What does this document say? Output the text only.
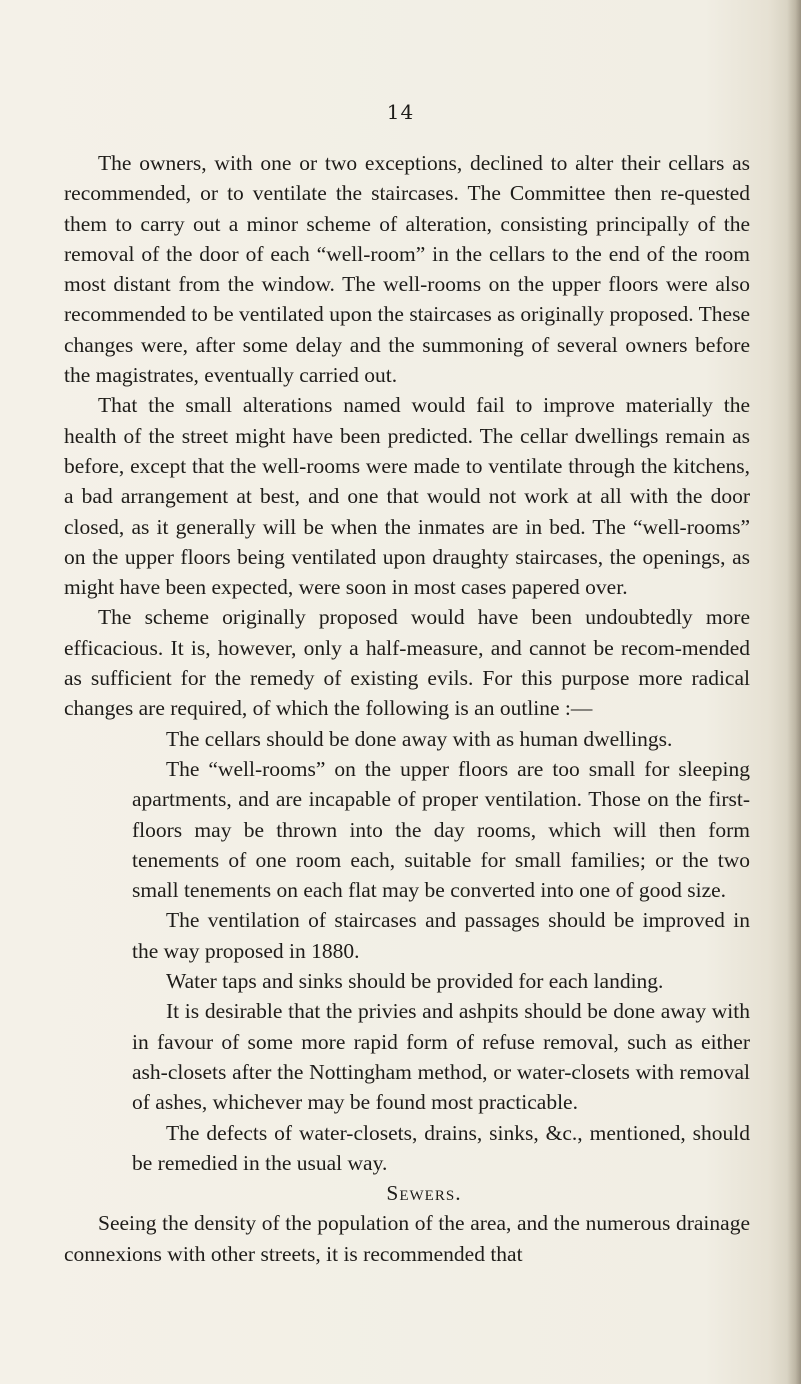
14

The owners, with one or two exceptions, declined to alter their cellars as recommended, or to ventilate the staircases. The Committee then re-quested them to carry out a minor scheme of alteration, consisting principally of the removal of the door of each “well-room” in the cellars to the end of the room most distant from the window. The well-rooms on the upper floors were also recommended to be ventilated upon the staircases as originally proposed. These changes were, after some delay and the summoning of several owners before the magistrates, eventually carried out.

That the small alterations named would fail to improve materially the health of the street might have been predicted. The cellar dwellings remain as before, except that the well-rooms were made to ventilate through the kitchens, a bad arrangement at best, and one that would not work at all with the door closed, as it generally will be when the inmates are in bed. The “well-rooms” on the upper floors being ventilated upon draughty staircases, the openings, as might have been expected, were soon in most cases papered over.

The scheme originally proposed would have been undoubtedly more efficacious. It is, however, only a half-measure, and cannot be recom-mended as sufficient for the remedy of existing evils. For this purpose more radical changes are required, of which the following is an outline :—

The cellars should be done away with as human dwellings.

The “well-rooms” on the upper floors are too small for sleeping apartments, and are incapable of proper ventilation. Those on the first-floors may be thrown into the day rooms, which will then form tenements of one room each, suitable for small families; or the two small tenements on each flat may be converted into one of good size.

The ventilation of staircases and passages should be improved in the way proposed in 1880.

Water taps and sinks should be provided for each landing.

It is desirable that the privies and ashpits should be done away with in favour of some more rapid form of refuse removal, such as either ash-closets after the Nottingham method, or water-closets with removal of ashes, whichever may be found most practicable.

The defects of water-closets, drains, sinks, &c., mentioned, should be remedied in the usual way.

Sewers.

Seeing the density of the population of the area, and the numerous drainage connexions with other streets, it is recommended that
